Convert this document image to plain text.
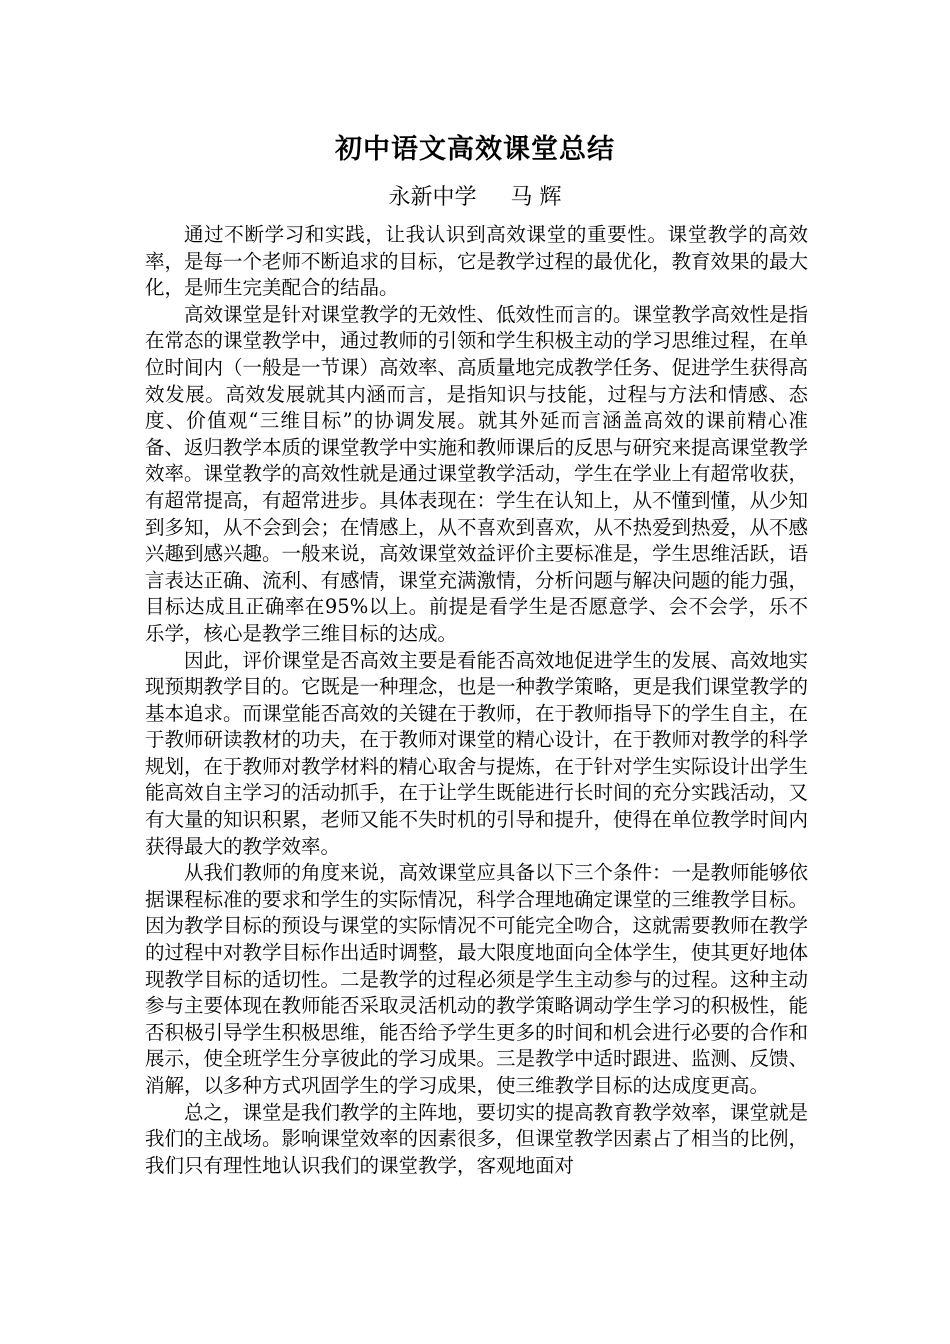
初中语文高效课堂总结
永新中学 马 辉

通过不断学习和实践，让我认识到高效课堂的重要性。课堂教学的高效率，是每一个老师不断追求的目标，它是教学过程的最优化，教育效果的最大化，是师生完美配合的结晶。

高效课堂是针对课堂教学的无效性、低效性而言的。课堂教学高效性是指在常态的课堂教学中，通过教师的引领和学生积极主动的学习思维过程，在单位时间内（一般是一节课）高效率、高质量地完成教学任务、促进学生获得高效发展。高效发展就其内涵而言，是指知识与技能，过程与方法和情感、态度、价值观“三维目标”的协调发展。就其外延而言涵盖高效的课前精心准备、返归教学本质的课堂教学中实施和教师课后的反思与研究来提高课堂教学效率。课堂教学的高效性就是通过课堂教学活动，学生在学业上有超常收获，有超常提高，有超常进步。具体表现在：学生在认知上，从不懂到懂，从少知到多知，从不会到会；在情感上，从不喜欢到喜欢，从不热爱到热爱，从不感兴趣到感兴趣。一般来说，高效课堂效益评价主要标准是，学生思维活跃，语言表达正确、流利、有感情，课堂充满激情，分析问题与解决问题的能力强，目标达成且正确率在95%以上。前提是看学生是否愿意学、会不会学，乐不乐学，核心是教学三维目标的达成。

因此，评价课堂是否高效主要是看能否高效地促进学生的发展、高效地实现预期教学目的。它既是一种理念，也是一种教学策略，更是我们课堂教学的基本追求。而课堂能否高效的关键在于教师，在于教师指导下的学生自主，在于教师研读教材的功夫，在于教师对课堂的精心设计，在于教师对教学的科学规划，在于教师对教学材料的精心取舍与提炼，在于针对学生实际设计出学生能高效自主学习的活动抓手，在于让学生既能进行长时间的充分实践活动，又有大量的知识积累，老师又能不失时机的引导和提升，使得在单位教学时间内获得最大的教学效率。

从我们教师的角度来说，高效课堂应具备以下三个条件：一是教师能够依据课程标准的要求和学生的实际情况，科学合理地确定课堂的三维教学目标。因为教学目标的预设与课堂的实际情况不可能完全吻合，这就需要教师在教学的过程中对教学目标作出适时调整，最大限度地面向全体学生，使其更好地体现教学目标的适切性。二是教学的过程必须是学生主动参与的过程。这种主动参与主要体现在教师能否采取灵活机动的教学策略调动学生学习的积极性，能否积极引导学生积极思维，能否给予学生更多的时间和机会进行必要的合作和展示，使全班学生分享彼此的学习成果。三是教学中适时跟进、监测、反馈、消解，以多种方式巩固学生的学习成果，使三维教学目标的达成度更高。

总之，课堂是我们教学的主阵地，要切实的提高教育教学效率，课堂就是我们的主战场。影响课堂效率的因素很多，但课堂教学因素占了相当的比例，我们只有理性地认识我们的课堂教学，客观地面对
